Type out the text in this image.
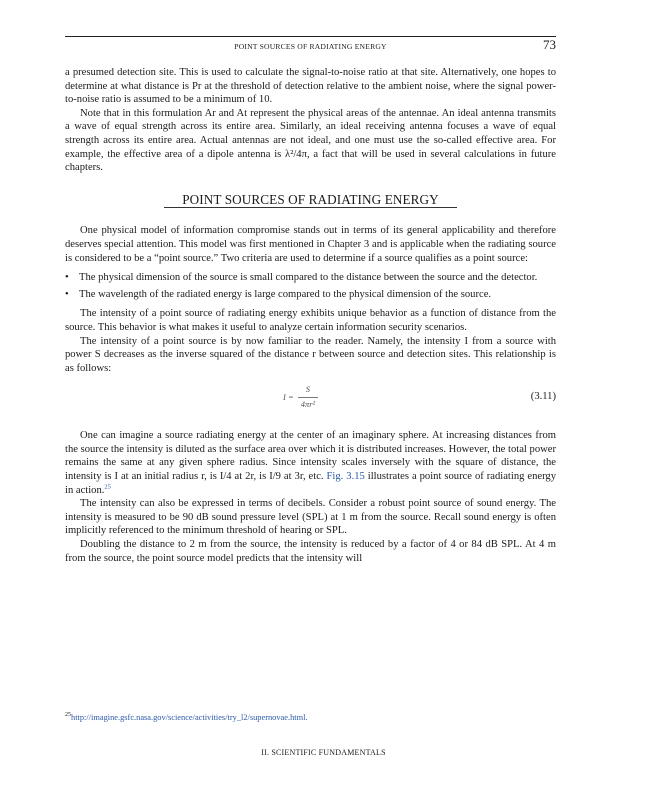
POINT SOURCES OF RADIATING ENERGY	73

a presumed detection site. This is used to calculate the signal-to-noise ratio at that site. Alternatively, one hopes to determine at what distance is Pr at the threshold of detection relative to the ambient noise, where the signal power-to-noise ratio is assumed to be a minimum of 10.

Note that in this formulation Ar and At represent the physical areas of the antennae. An ideal antenna transmits a wave of equal strength across its entire area. Similarly, an ideal receiving antenna focuses a wave of equal strength across its entire area. Actual antennas are not ideal, and one must use the so-called effective area. For example, the effective area of a dipole antenna is λ²/4π, a fact that will be used in several calculations in future chapters.

POINT SOURCES OF RADIATING ENERGY

One physical model of information compromise stands out in terms of its general applicability and therefore deserves special attention. This model was first mentioned in Chapter 3 and is applicable when the radiating source is considered to be a “point source.” Two criteria are used to determine if a source qualifies as a point source:

• The physical dimension of the source is small compared to the distance between the source and the detector.
• The wavelength of the radiated energy is large compared to the physical dimension of the source.

The intensity of a point source of radiating energy exhibits unique behavior as a function of distance from the source. This behavior is what makes it useful to analyze certain information security scenarios.

The intensity of a point source is by now familiar to the reader. Namely, the intensity I from a source with power S decreases as the inverse squared of the distance r between source and detection sites. This relationship is as follows:

$I = \frac{S}{\text{4πr²}}$	(3.11)

One can imagine a source radiating energy at the center of an imaginary sphere. At increasing distances from the source the intensity is diluted as the surface area over which it is distributed increases. However, the total power remains the same at any given sphere radius. Since intensity scales inversely with the square of distance, the intensity is I at an initial radius r, is I/4 at 2r, is I/9 at 3r, etc. Fig. 3.15 illustrates a point source of radiating energy in action.$^{25}$

The intensity can also be expressed in terms of decibels. Consider a robust point source of sound energy. The intensity is measured to be 90 dB sound pressure level (SPL) at 1 m from the source. Recall sound energy is often implicitly referenced to the minimum threshold of hearing or SPL.

Doubling the distance to 2 m from the source, the intensity is reduced by a factor of 4 or 84 dB SPL. At 4 m from the source, the point source model predicts that the intensity will

$^{25}$http://imagine.gsfc.nasa.gov/science/activities/try_l2/supernovae.html.
II. SCIENTIFIC FUNDAMENTALS
